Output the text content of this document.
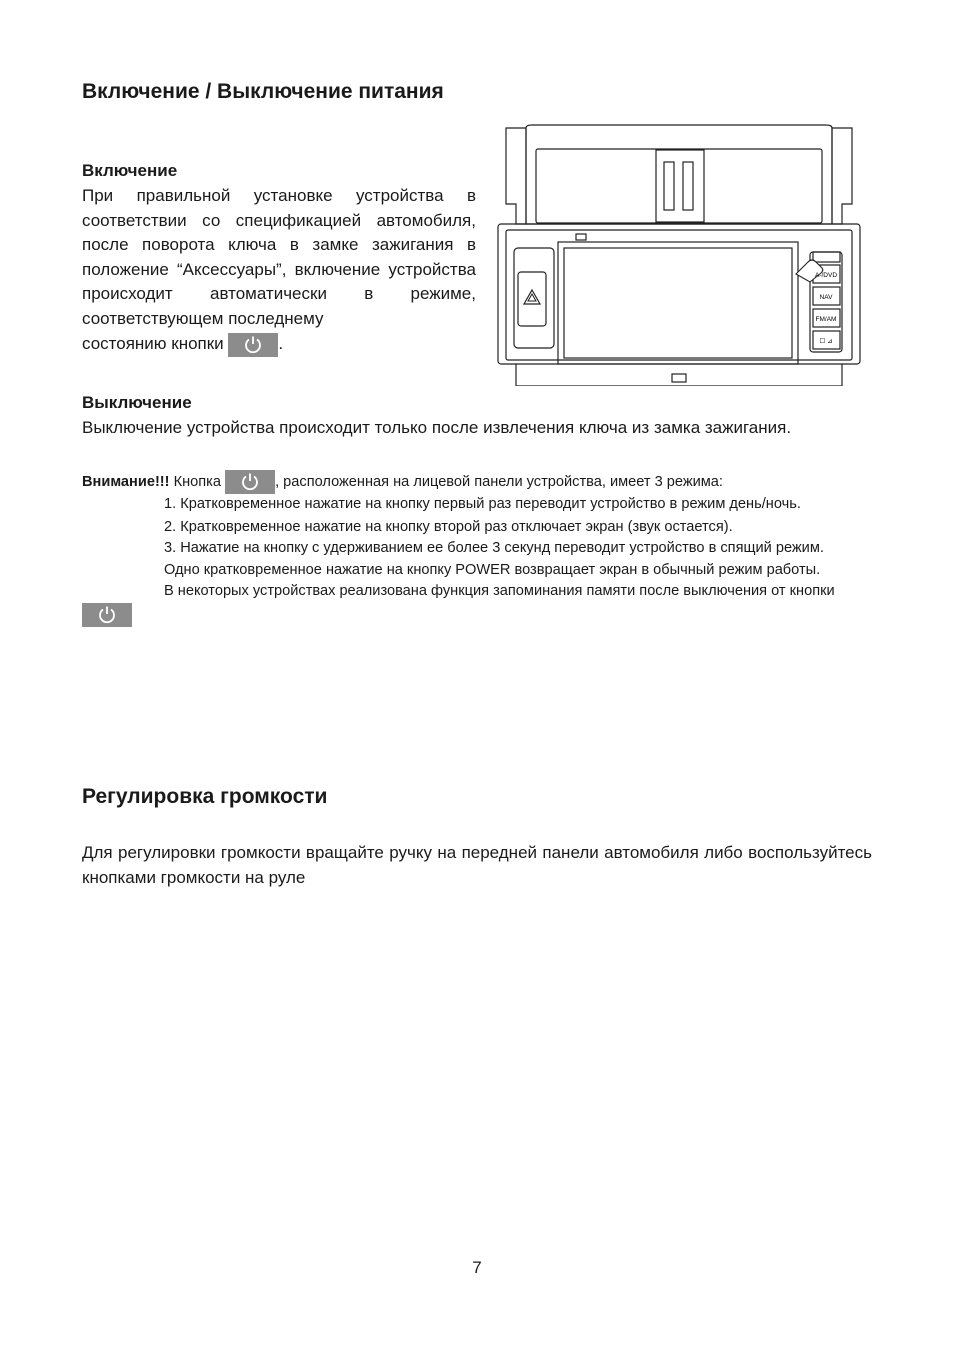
Включение / Выключение питания
Включение

При правильной установке устройства в соответствии со спецификацией автомобиля, после поворота ключа в замке зажигания в положение “Аксессуары”, включение устройства происходит автоматически в режиме, соответствующем последнему

состоянию кнопки	.

A-/DVD
NAV
FM/AM
☐ ⊿
Выключение

Выключение устройства происходит только после извлечения ключа из замка зажигания.

Внимание!!! Кнопка	, расположенная на лицевой панели устройства, имеет 3 режима:

1. Кратковременное нажатие на кнопку первый раз переводит устройство в режим день/ночь.

2. Кратковременное нажатие на кнопку второй раз отключает экран (звук остается).

3. Нажатие на кнопку с удерживанием ее более 3 секунд переводит устройство в спящий режим.

Одно кратковременное нажатие на кнопку POWER возвращает экран в обычный режим работы.

В некоторых устройствах реализована функция запоминания памяти после выключения от кнопки

Регулировка громкости

Для регулировки громкости вращайте ручку на передней панели автомобиля либо воспользуйтесь кнопками громкости на руле

7
